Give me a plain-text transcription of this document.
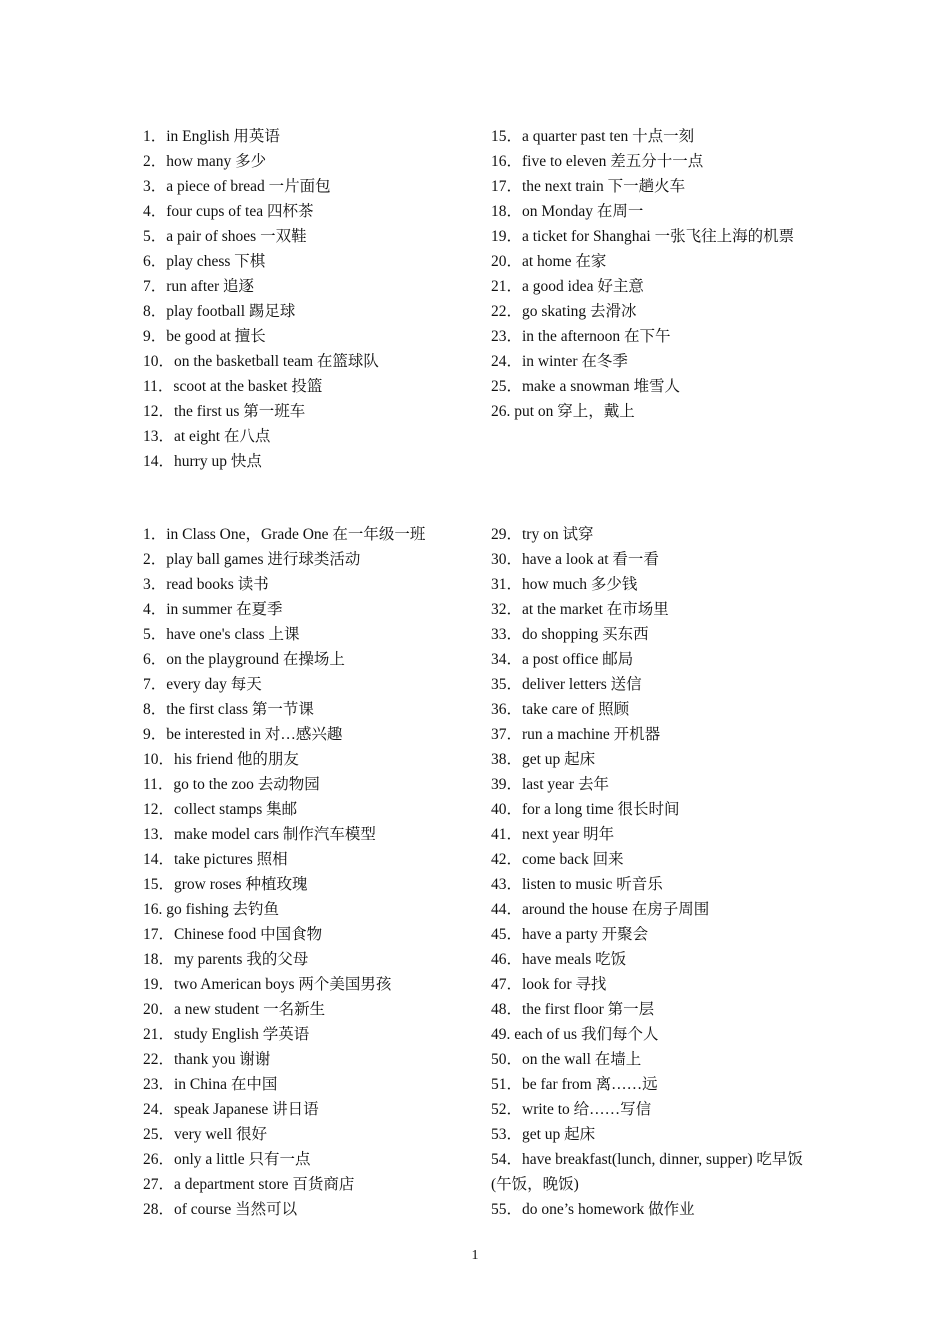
1．in English 用英语
2．how many 多少
3．a piece of bread 一片面包
4．four cups of tea 四杯茶
5．a pair of shoes 一双鞋
6．play chess 下棋
7．run after 追逐
8．play football 踢足球
9．be good at 擅长
10．on the basketball team 在篮球队
11．scoot at the basket 投篮
12．the first us 第一班车
13．at eight 在八点
14．hurry up 快点
15．a quarter past ten 十点一刻
16．five to eleven 差五分十一点
17．the next train 下一趟火车
18．on Monday 在周一
19．a ticket for Shanghai 一张飞往上海的机票
20．at home 在家
21．a good idea 好主意
22．go skating 去滑冰
23．in the afternoon 在下午
24．in winter 在冬季
25．make a snowman 堆雪人
26. put on 穿上，戴上
1．in Class One，Grade One 在一年级一班
2．play ball games 进行球类活动
3．read books 读书
4．in summer 在夏季
5．have one's class 上课
6．on the playground 在操场上
7．every day 每天
8．the first class 第一节课
9．be interested in 对…感兴趣
10．his friend 他的朋友
11．go to the zoo 去动物园
12．collect stamps 集邮
13．make model cars 制作汽车模型
14．take pictures 照相
15．grow roses 种植玫瑰
16. go fishing 去钓鱼
17．Chinese food 中国食物
18．my parents 我的父母
19．two American boys 两个美国男孩
20．a new student 一名新生
21．study English 学英语
22．thank you 谢谢
23．in China 在中国
24．speak Japanese 讲日语
25．very well 很好
26．only a little 只有一点
27．a department store 百货商店
28．of course 当然可以
29．try on 试穿
30．have a look at 看一看
31．how much 多少钱
32．at the market 在市场里
33．do shopping 买东西
34．a post office 邮局
35．deliver letters 送信
36．take care of 照顾
37．run a machine 开机器
38．get up 起床
39．last year 去年
40．for a long time 很长时间
41．next year 明年
42．come back 回来
43．listen to music 听音乐
44．around the house 在房子周围
45．have a party 开聚会
46．have meals 吃饭
47．look for 寻找
48．the first floor 第一层
49. each of us 我们每个人
50．on the wall 在墙上
51．be far from 离……远
52．write to 给……写信
53．get up 起床
54．have breakfast(lunch, dinner, supper) 吃早饭(午饭，晚饭)
55．do one’s homework 做作业
1
